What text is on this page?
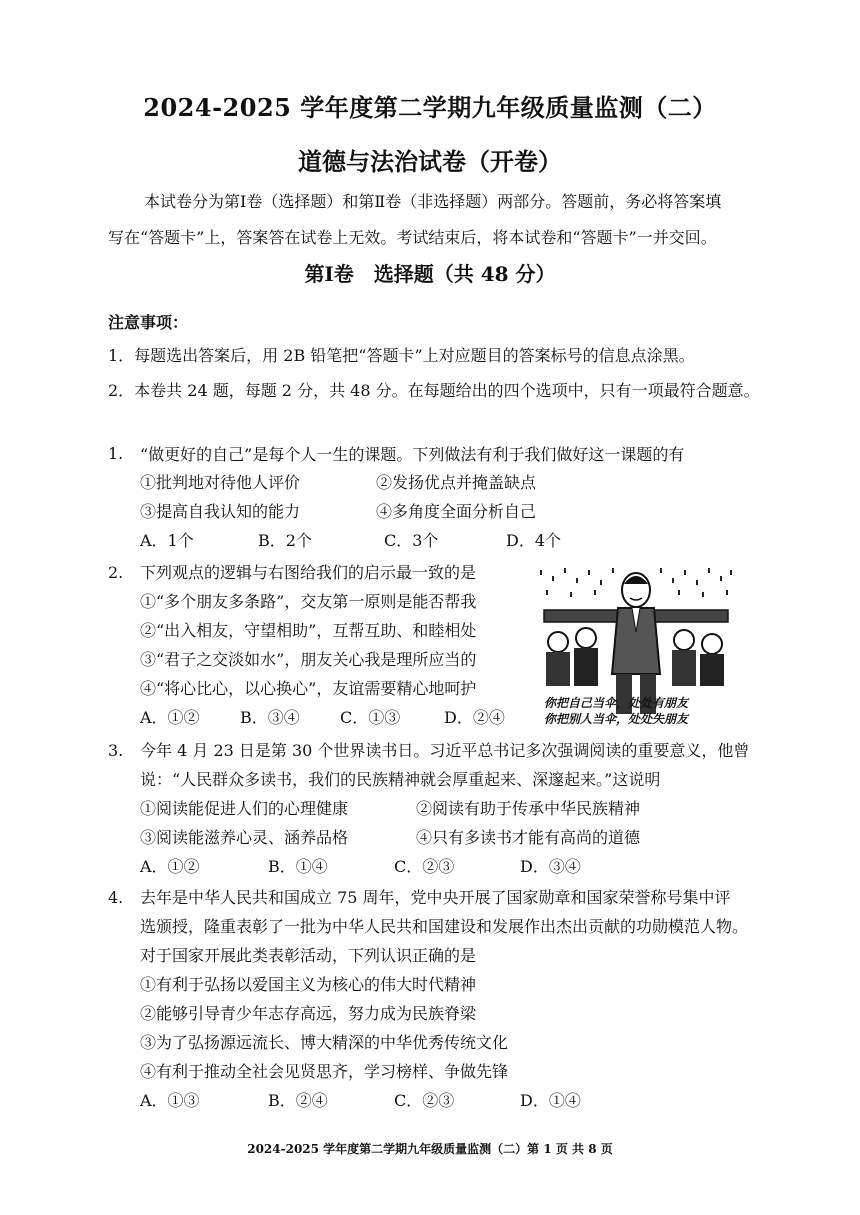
2024-2025 学年度第二学期九年级质量监测（二）
道德与法治试卷（开卷）
本试卷分为第Ⅰ卷（选择题）和第Ⅱ卷（非选择题）两部分。答题前，务必将答案填
写在“答题卡”上，答案答在试卷上无效。考试结束后，将本试卷和“答题卡”一并交回。
第Ⅰ卷　选择题（共 48 分）
注意事项：
1．每题选出答案后，用 2B 铅笔把“答题卡”上对应题目的答案标号的信息点涂黑。
2．本卷共 24 题，每题 2 分，共 48 分。在每题给出的四个选项中，只有一项最符合题意。
1. “做更好的自己”是每个人一生的课题。下列做法有利于我们做好这一课题的有
①批判地对待他人评价	②发扬优点并掩盖缺点
③提高自我认知的能力	④多角度全面分析自己
A．1个	B．2个	C．3个	D．4个
2. 下列观点的逻辑与右图给我们的启示最一致的是
①“多个朋友多条路”，交友第一原则是能否帮我
②“出入相友，守望相助”，互帮互助、和睦相处
③“君子之交淡如水”，朋友关心我是理所应当的
④“将心比心，以心换心”，友谊需要精心地呵护
A．①②	B．③④	C．①③	D．②④
你把自己当伞，处处有朋友
你把别人当伞，处处失朋友
3. 今年 4 月 23 日是第 30 个世界读书日。习近平总书记多次强调阅读的重要意义，他曾
说：“人民群众多读书，我们的民族精神就会厚重起来、深邃起来。”这说明
①阅读能促进人们的心理健康	②阅读有助于传承中华民族精神
③阅读能滋养心灵、涵养品格	④只有多读书才能有高尚的道德
A．①②	B．①④	C．②③	D．③④
4. 去年是中华人民共和国成立 75 周年，党中央开展了国家勋章和国家荣誉称号集中评
选颁授，隆重表彰了一批为中华人民共和国建设和发展作出杰出贡献的功勋模范人物。
对于国家开展此类表彰活动，下列认识正确的是
①有利于弘扬以爱国主义为核心的伟大时代精神
②能够引导青少年志存高远，努力成为民族脊梁
③为了弘扬源远流长、博大精深的中华优秀传统文化
④有利于推动全社会见贤思齐，学习榜样、争做先锋
A．①③	B．②④	C．②③	D．①④
2024-2025 学年度第二学期九年级质量监测（二）第 1 页 共 8 页
